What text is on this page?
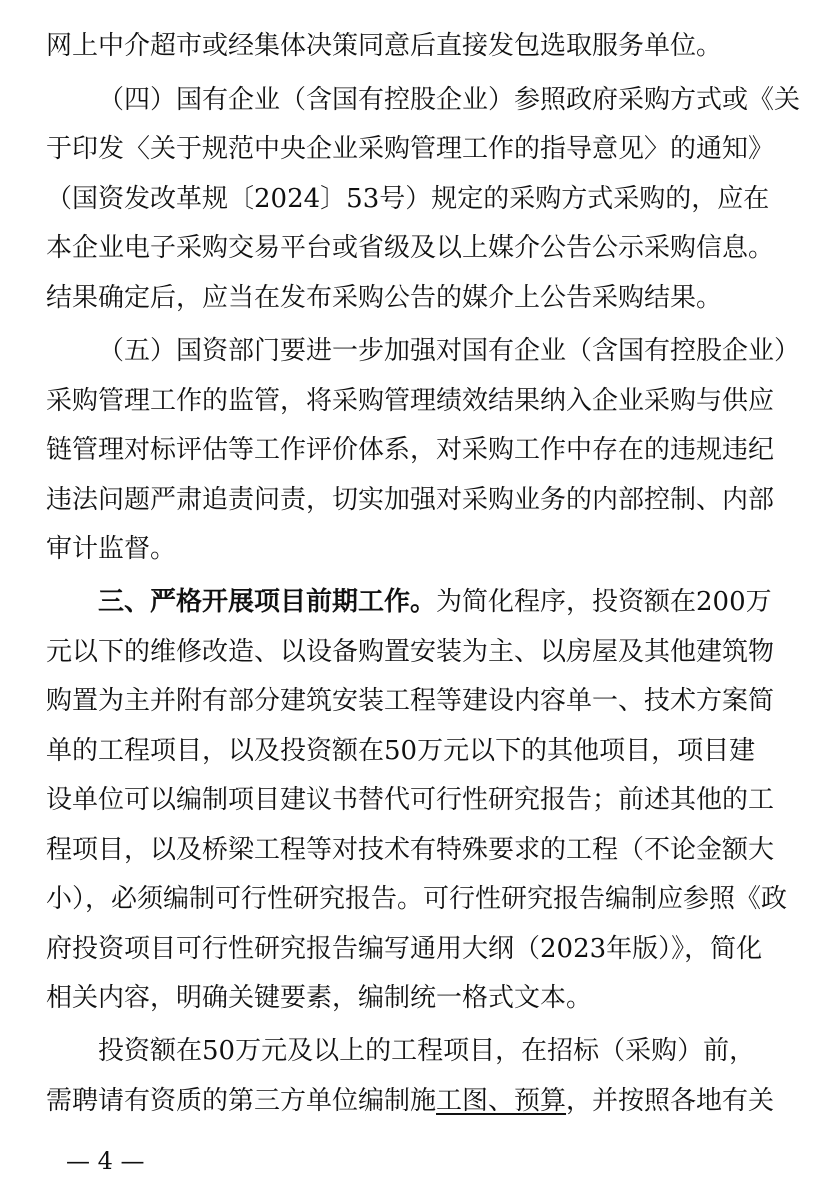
网上中介超市或经集体决策同意后直接发包选取服务单位。
（四）国有企业（含国有控股企业）参照政府采购方式或《关
于印发〈关于规范中央企业采购管理工作的指导意见〉的通知》
（国资发改革规〔2024〕53号）规定的采购方式采购的，应在
本企业电子采购交易平台或省级及以上媒介公告公示采购信息。
结果确定后，应当在发布采购公告的媒介上公告采购结果。
（五）国资部门要进一步加强对国有企业（含国有控股企业）
采购管理工作的监管，将采购管理绩效结果纳入企业采购与供应
链管理对标评估等工作评价体系，对采购工作中存在的违规违纪
违法问题严肃追责问责，切实加强对采购业务的内部控制、内部
审计监督。
三、严格开展项目前期工作。为简化程序，投资额在200万
元以下的维修改造、以设备购置安装为主、以房屋及其他建筑物
购置为主并附有部分建筑安装工程等建设内容单一、技术方案简
单的工程项目，以及投资额在50万元以下的其他项目，项目建
设单位可以编制项目建议书替代可行性研究报告；前述其他的工
程项目，以及桥梁工程等对技术有特殊要求的工程（不论金额大
小），必须编制可行性研究报告。可行性研究报告编制应参照《政
府投资项目可行性研究报告编写通用大纲（2023年版）》，简化
相关内容，明确关键要素，编制统一格式文本。
投资额在50万元及以上的工程项目，在招标（采购）前，
需聘请有资质的第三方单位编制施工图、预算，并按照各地有关
— 4 —
